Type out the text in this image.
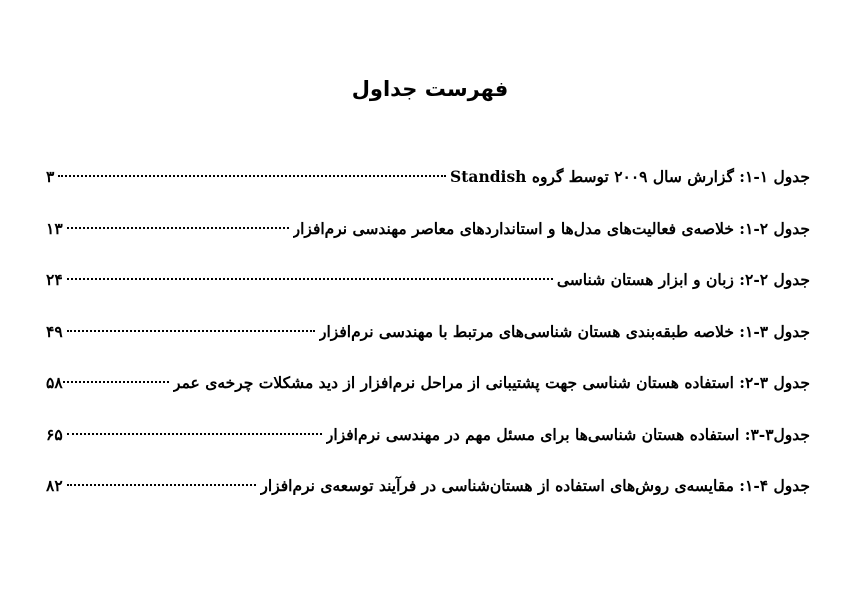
فهرست جداول
جدول ۱-۱: گزارش سال ۲۰۰۹ توسط گروه Standish
۳
جدول ۲-۱: خلاصه‌ی فعالیت‌های مدل‌ها و استانداردهای معاصر مهندسی نرم‌افزار
۱۳
جدول ۲-۲: زبان و ابزار هستان شناسی
۲۴
جدول ۳-۱: خلاصه طبقه‌بندی هستان شناسی‌های مرتبط با مهندسی نرم‌افزار
۴۹
جدول ۳-۲: استفاده هستان شناسی جهت پشتیبانی از مراحل نرم‌افزار از دید مشکلات چرخه‌ی عمر
۵۸
جدول۳-۳: استفاده هستان شناسی‌ها برای مسئل مهم در مهندسی نرم‌افزار
۶۵
جدول ۴-۱: مقایسه‌ی روش‌های استفاده از هستان‌شناسی در فرآیند توسعه‌ی نرم‌افزار
۸۲
